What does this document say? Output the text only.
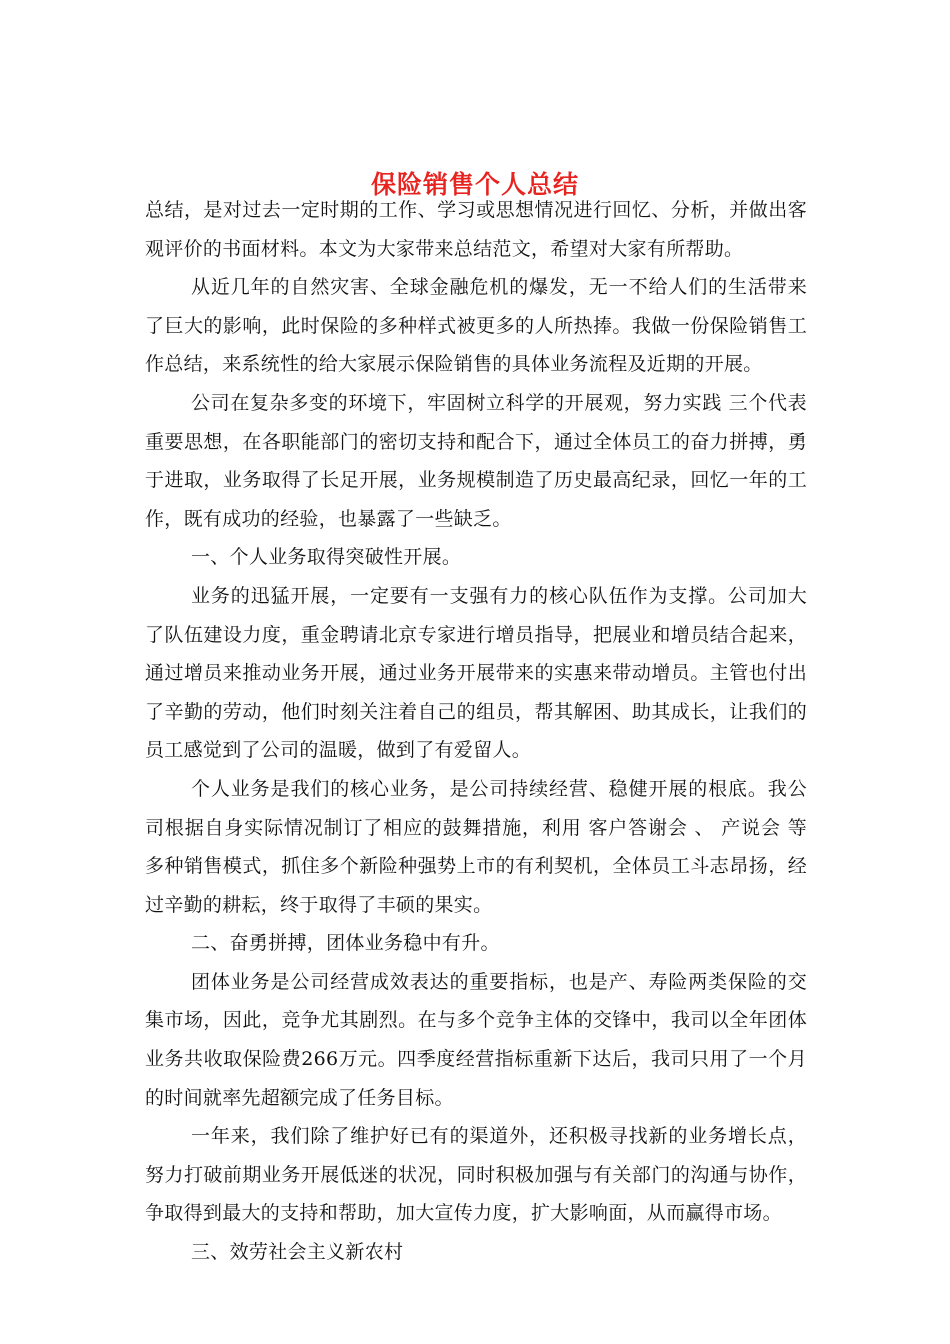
保险销售个人总结

总结，是对过去一定时期的工作、学习或思想情况进行回忆、分析，并做出客观评价的书面材料。本文为大家带来总结范文，希望对大家有所帮助。

从近几年的自然灾害、全球金融危机的爆发，无一不给人们的生活带来了巨大的影响，此时保险的多种样式被更多的人所热捧。我做一份保险销售工作总结，来系统性的给大家展示保险销售的具体业务流程及近期的开展。

公司在复杂多变的环境下，牢固树立科学的开展观，努力实践 三个代表 重要思想，在各职能部门的密切支持和配合下，通过全体员工的奋力拼搏，勇于进取，业务取得了长足开展，业务规模制造了历史最高纪录，回忆一年的工作，既有成功的经验，也暴露了一些缺乏。

一、个人业务取得突破性开展。

业务的迅猛开展，一定要有一支强有力的核心队伍作为支撑。公司加大了队伍建设力度，重金聘请北京专家进行增员指导，把展业和增员结合起来，通过增员来推动业务开展，通过业务开展带来的实惠来带动增员。主管也付出了辛勤的劳动，他们时刻关注着自己的组员，帮其解困、助其成长，让我们的员工感觉到了公司的温暖，做到了有爱留人。

个人业务是我们的核心业务，是公司持续经营、稳健开展的根底。我公司根据自身实际情况制订了相应的鼓舞措施，利用 客户答谢会 、 产说会 等多种销售模式，抓住多个新险种强势上市的有利契机，全体员工斗志昂扬，经过辛勤的耕耘，终于取得了丰硕的果实。

二、奋勇拼搏，团体业务稳中有升。

团体业务是公司经营成效表达的重要指标，也是产、寿险两类保险的交集市场，因此，竞争尤其剧烈。在与多个竞争主体的交锋中，我司以全年团体业务共收取保险费266万元。四季度经营指标重新下达后，我司只用了一个月的时间就率先超额完成了任务目标。

一年来，我们除了维护好已有的渠道外，还积极寻找新的业务增长点，努力打破前期业务开展低迷的状况，同时积极加强与有关部门的沟通与协作，争取得到最大的支持和帮助，加大宣传力度，扩大影响面，从而赢得市场。

三、效劳社会主义新农村
